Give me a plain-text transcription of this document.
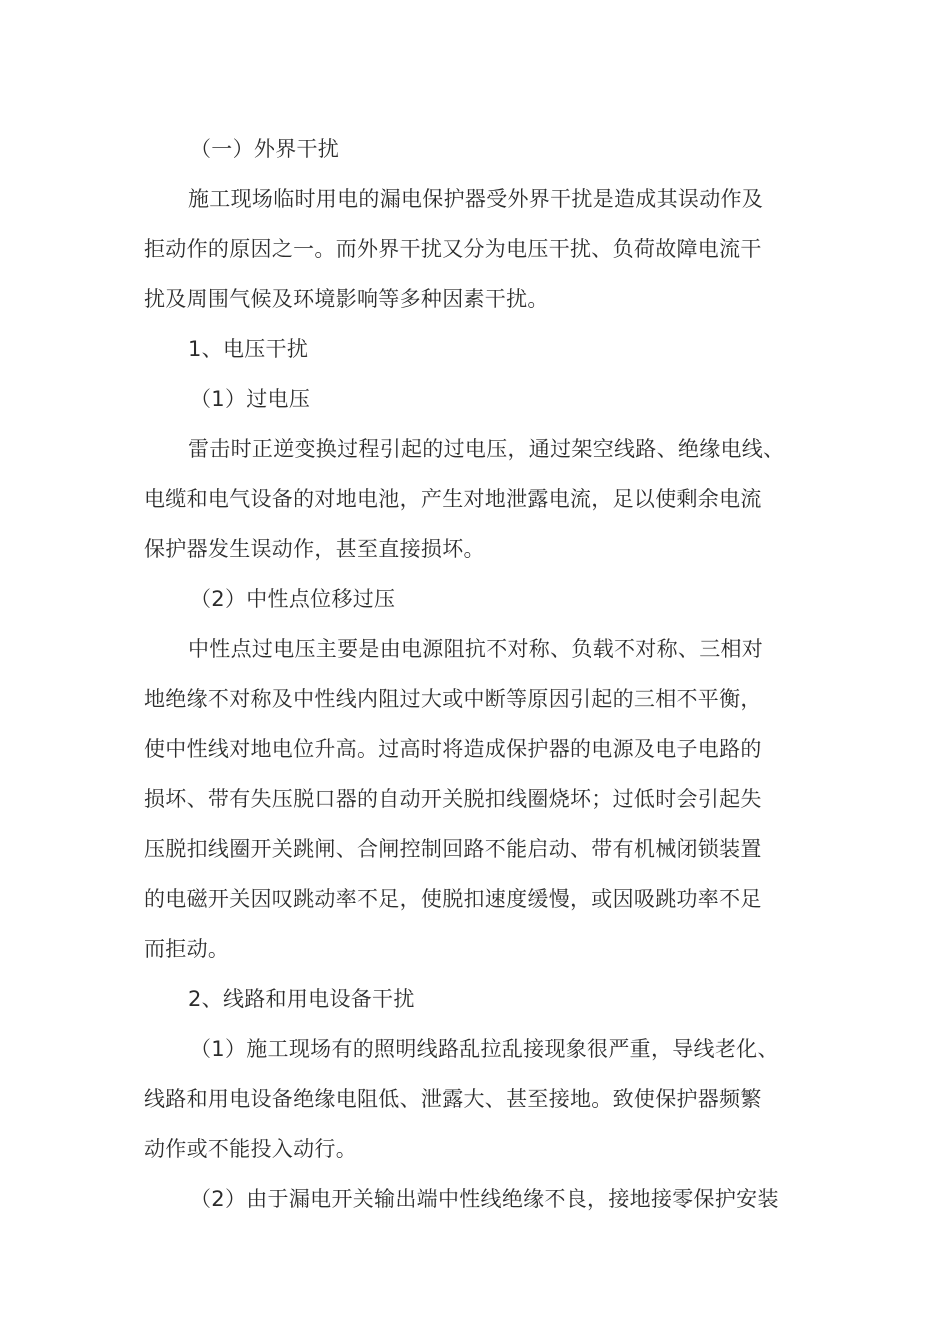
（一）外界干扰

施工现场临时用电的漏电保护器受外界干扰是造成其误动作及

拒动作的原因之一。而外界干扰又分为电压干扰、负荷故障电流干

扰及周围气候及环境影响等多种因素干扰。

1、电压干扰

（1）过电压

雷击时正逆变换过程引起的过电压，通过架空线路、绝缘电线、

电缆和电气设备的对地电池，产生对地泄露电流，足以使剩余电流

保护器发生误动作，甚至直接损坏。

（2）中性点位移过压

中性点过电压主要是由电源阻抗不对称、负载不对称、三相对

地绝缘不对称及中性线内阻过大或中断等原因引起的三相不平衡，

使中性线对地电位升高。过高时将造成保护器的电源及电子电路的

损坏、带有失压脱口器的自动开关脱扣线圈烧坏；过低时会引起失

压脱扣线圈开关跳闸、合闸控制回路不能启动、带有机械闭锁装置

的电磁开关因叹跳动率不足，使脱扣速度缓慢，或因吸跳功率不足

而拒动。

2、线路和用电设备干扰

（1）施工现场有的照明线路乱拉乱接现象很严重，导线老化、

线路和用电设备绝缘电阻低、泄露大、甚至接地。致使保护器频繁

动作或不能投入动行。

（2）由于漏电开关输出端中性线绝缘不良，接地接零保护安装
